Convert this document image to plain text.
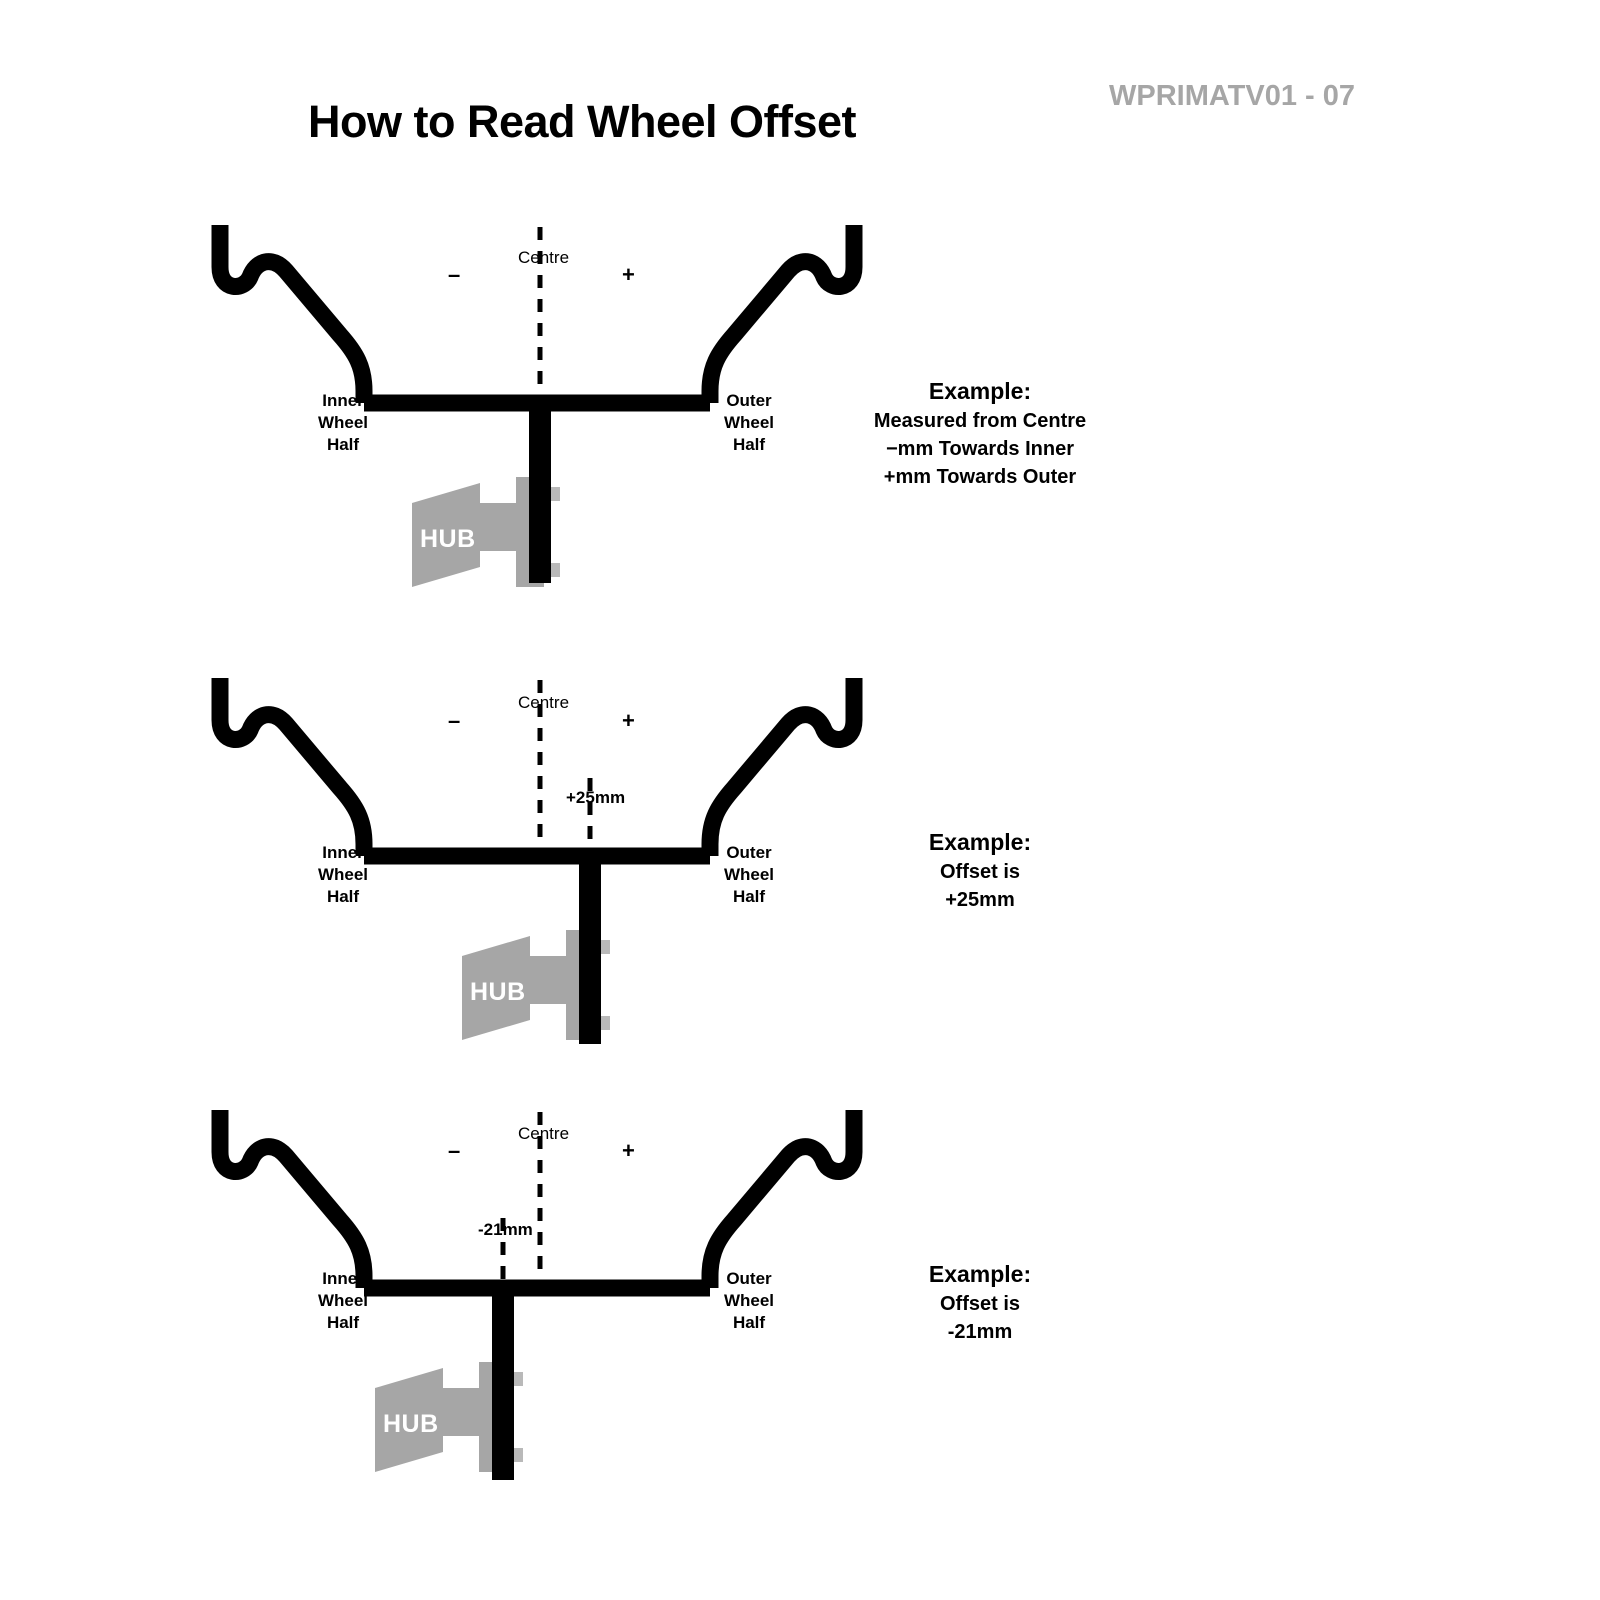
How to Read Wheel Offset	WPRIMATV01 - 07
HUB
Centre
–	+
Inner
Wheel
Half
Outer
Wheel
Half
Example:
Measured from Centre
−mm Towards Inner
+mm Towards Outer
HUB
Centre
–	+
+25mm
Inner
Wheel
Half
Outer
Wheel
Half
Example:
Offset is
+25mm
HUB
Centre
–	+
-21mm
Inner
Wheel
Half
Outer
Wheel
Half
Example:
Offset is
-21mm
